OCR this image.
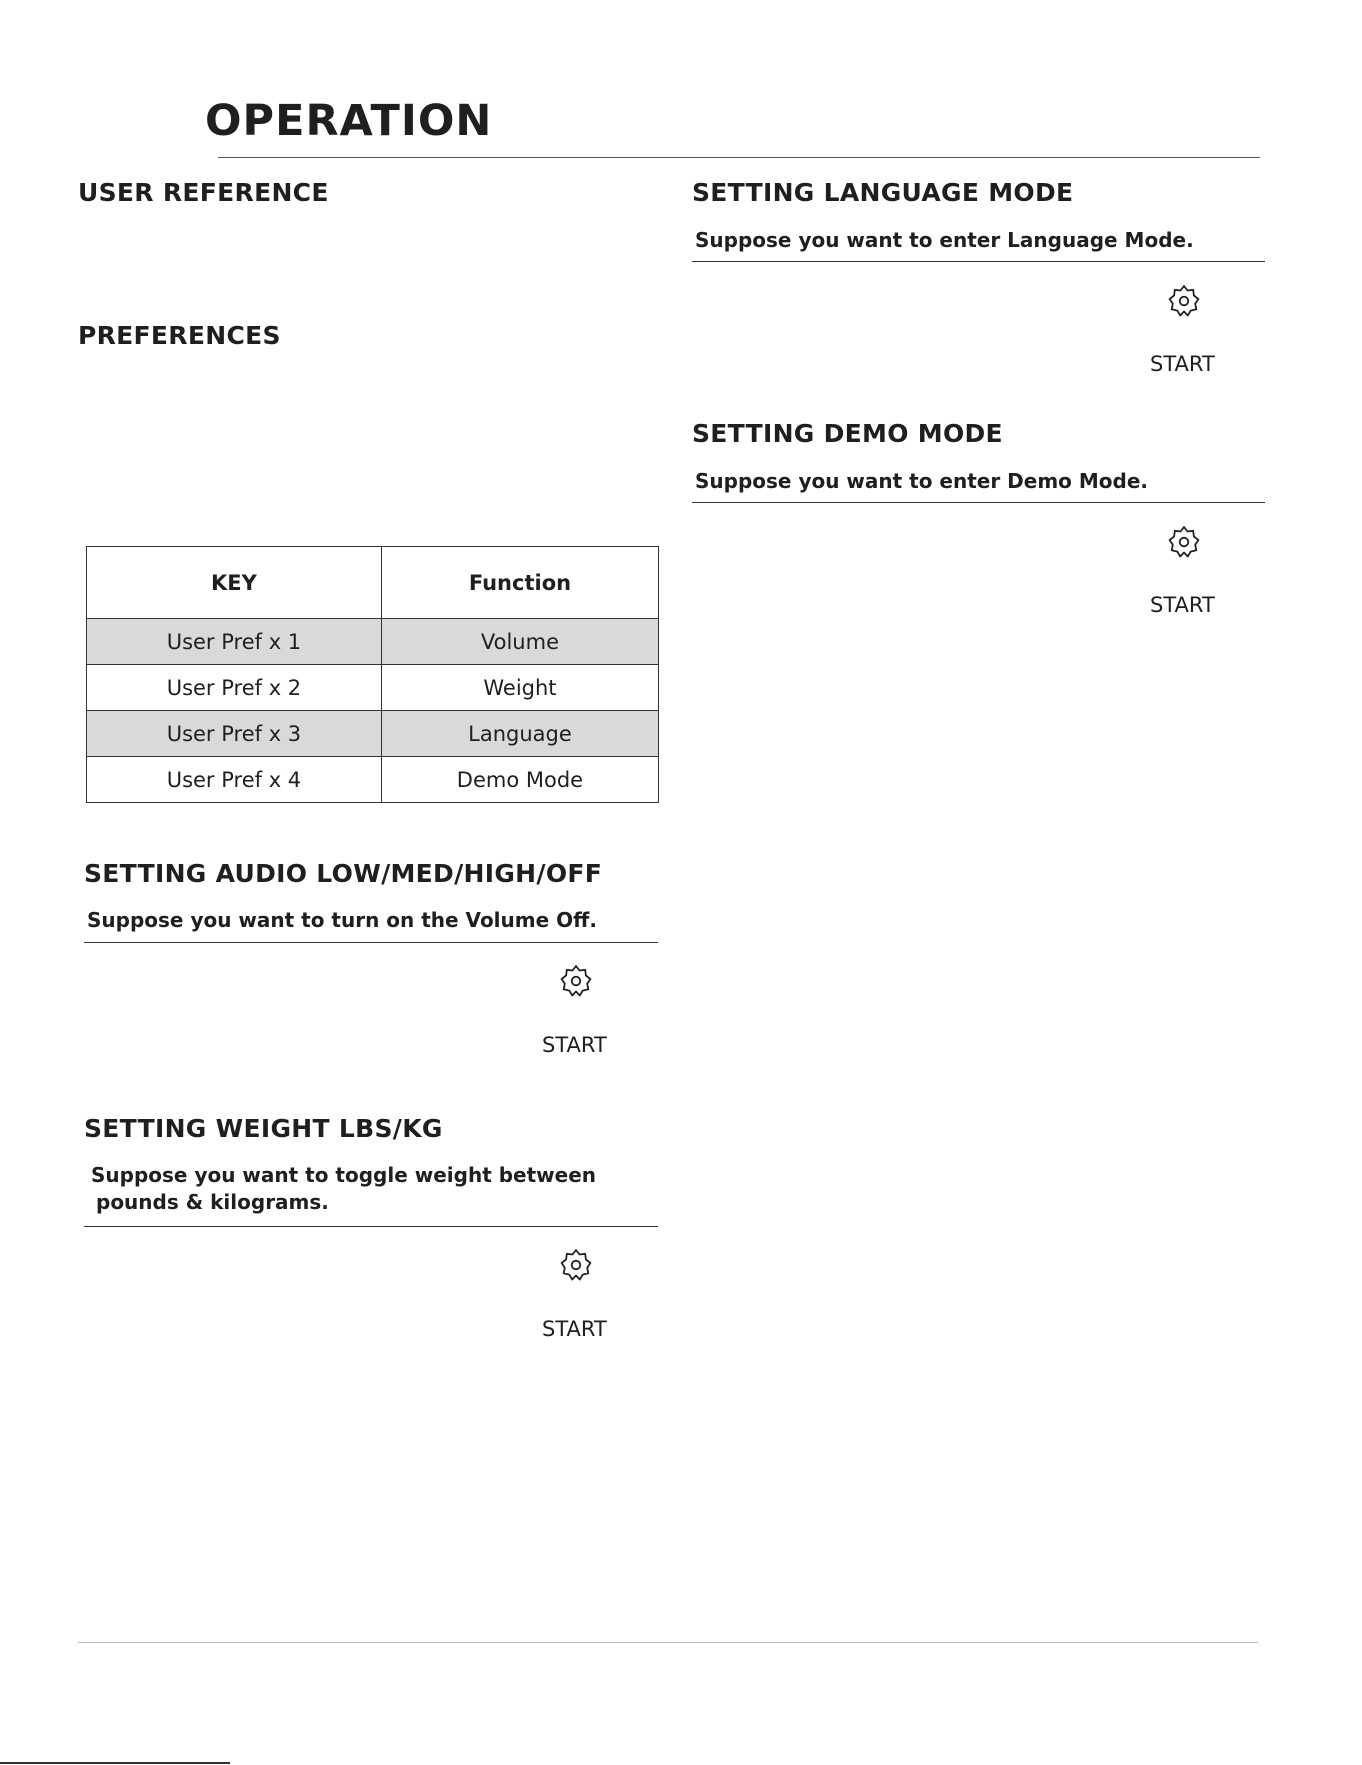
OPERATION
USER REFERENCE
PREFERENCES
KEY	Function
User Pref x 1	Volume
User Pref x 2	Weight
User Pref x 3	Language
User Pref x 4	Demo Mode
SETTING AUDIO LOW/MED/HIGH/OFF
Suppose you want to turn on the Volume Off.
START
SETTING WEIGHT LBS/KG
Suppose you want to toggle weight between
pounds & kilograms.
START
SETTING LANGUAGE MODE
Suppose you want to enter Language Mode.
START
SETTING DEMO MODE
Suppose you want to enter Demo Mode.
START
